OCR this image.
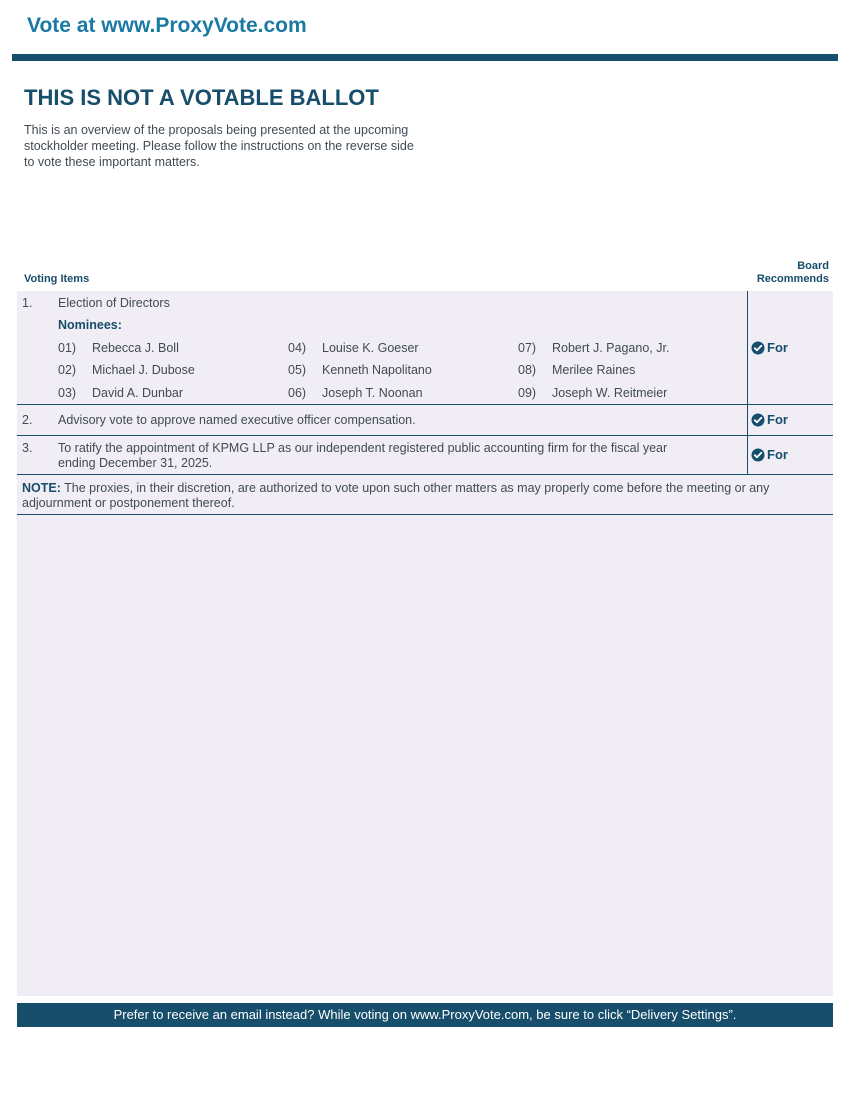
Vote at www.ProxyVote.com
THIS IS NOT A VOTABLE BALLOT
This is an overview of the proposals being presented at the upcoming stockholder meeting. Please follow the instructions on the reverse side to vote these important matters.
Voting Items
Board
Recommends
1. Election of Directors
Nominees:
01) Rebecca J. Boll
02) Michael J. Dubose
03) David A. Dunbar
04) Louise K. Goeser
05) Kenneth Napolitano
06) Joseph T. Noonan
07) Robert J. Pagano, Jr.
08) Merilee Raines
09) Joseph W. Reitmeier
For
2. Advisory vote to approve named executive officer compensation.	For
3. To ratify the appointment of KPMG LLP as our independent registered public accounting firm for the fiscal year
ending December 31, 2025.
For
NOTE: The proxies, in their discretion, are authorized to vote upon such other matters as may properly come before the meeting or any adjournment or postponement thereof.
Prefer to receive an email instead? While voting on www.ProxyVote.com, be sure to click “Delivery Settings”.
